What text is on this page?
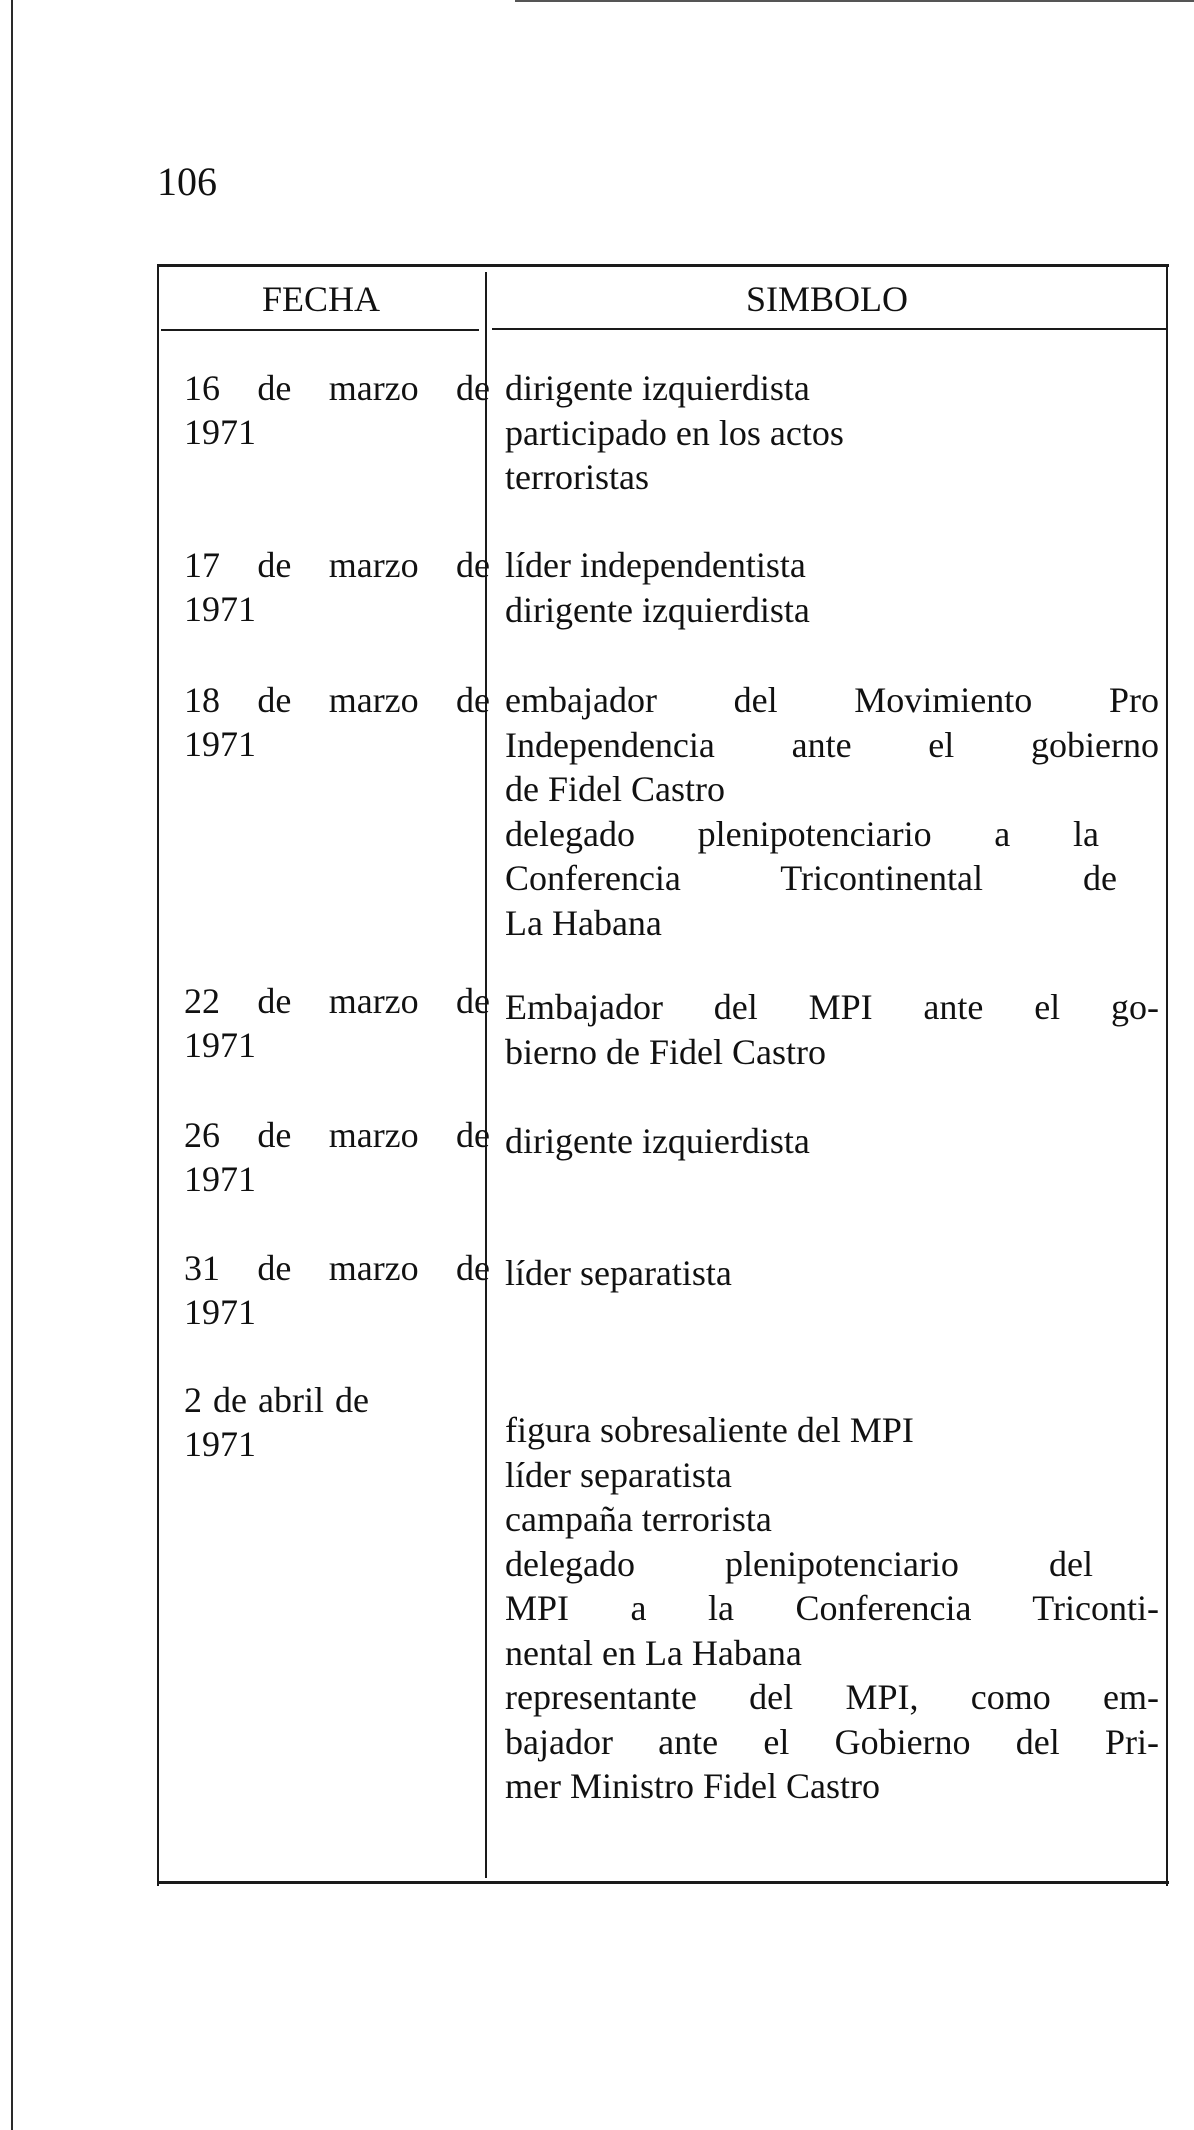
106
FECHA	SIMBOLO
16 de marzo de
1971
dirigente izquierdista
participado en los actos
terroristas
17 de marzo de
1971
líder independentista
dirigente izquierdista
18 de marzo de
1971
embajador del Movimiento Pro
Independencia ante el gobierno
de Fidel Castro
delegado plenipotenciario a la
Conferencia Tricontinental de
La Habana
22 de marzo de
1971
Embajador del MPI ante el go-
bierno de Fidel Castro
26 de marzo de
1971
dirigente izquierdista
31 de marzo de
1971
líder separatista
2 de abril de
1971	figura sobresaliente del MPI
líder separatista
campaña terrorista
delegado plenipotenciario del
MPI a la Conferencia Triconti-
nental en La Habana
representante del MPI, como em-
bajador ante el Gobierno del Pri-
mer Ministro Fidel Castro
